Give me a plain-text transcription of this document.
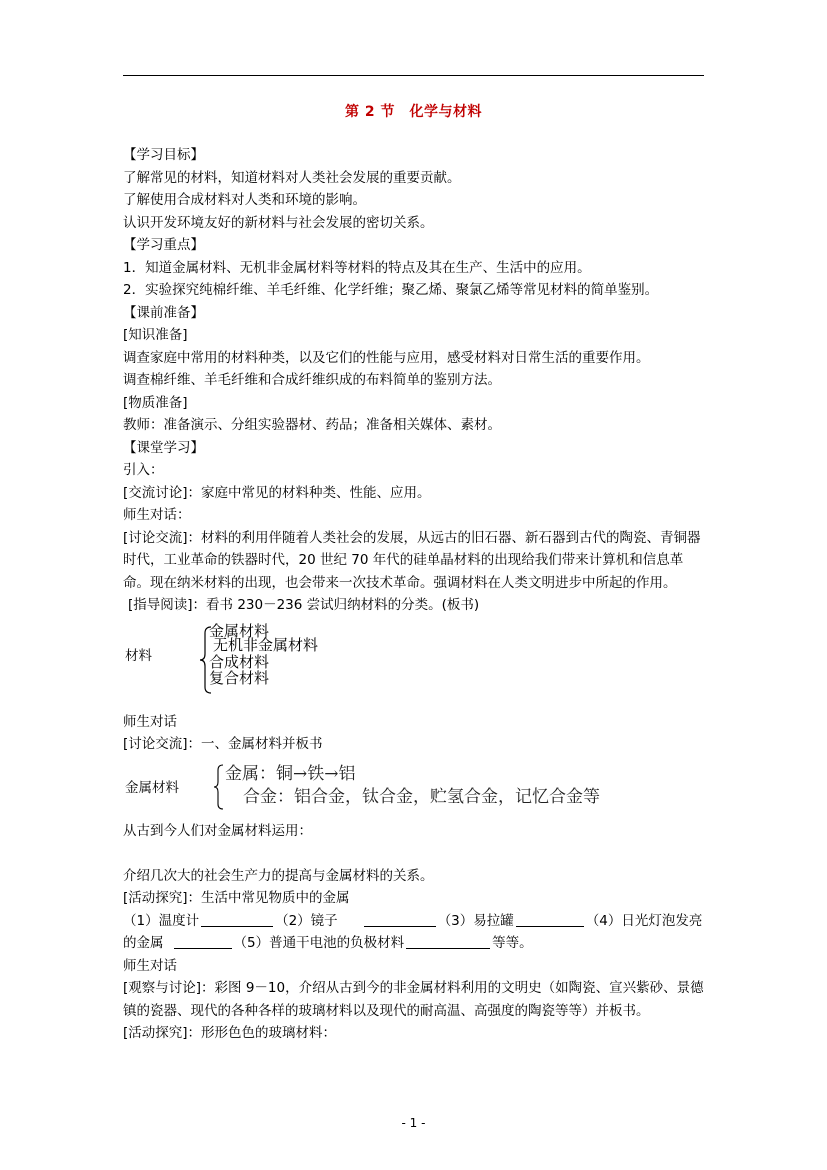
第 2 节　化学与材料
【学习目标】
了解常见的材料，知道材料对人类社会发展的重要贡献。
了解使用合成材料对人类和环境的影响。
认识开发环境友好的新材料与社会发展的密切关系。
【学习重点】
1．知道金属材料、无机非金属材料等材料的特点及其在生产、生活中的应用。
2．实验探究纯棉纤维、羊毛纤维、化学纤维；聚乙烯、聚氯乙烯等常见材料的简单鉴别。
【课前准备】
[知识准备]
调查家庭中常用的材料种类，以及它们的性能与应用，感受材料对日常生活的重要作用。
调查棉纤维、羊毛纤维和合成纤维织成的布料简单的鉴别方法。
[物质准备]
教师：准备演示、分组实验器材、药品；准备相关媒体、素材。
【课堂学习】
引入：
[交流讨论]：家庭中常见的材料种类、性能、应用。
师生对话：
[讨论交流]：材料的利用伴随着人类社会的发展，从远古的旧石器、新石器到古代的陶瓷、青铜器时代，工业革命的铁器时代，20 世纪 70 年代的硅单晶材料的出现给我们带来计算机和信息革命。现在纳米材料的出现，也会带来一次技术革命。强调材料在人类文明进步中所起的作用。
[指导阅读]：看书 230－236 尝试归纳材料的分类。(板书)
材料
金属材料
无机非金属材料
合成材料
复合材料
师生对话
[讨论交流]：一、金属材料并板书
金属材料
金属：铜→铁→铝
合金：铝合金，钛合金，贮氢合金，记忆合金等
从古到今人们对金属材料运用：
介绍几次大的社会生产力的提高与金属材料的关系。
[活动探究]：生活中常见物质中的金属
（1）温度计	（2）镜子	（3）易拉罐	（4）日光灯泡发亮
的金属	（5）普通干电池的负极材料	等等。
师生对话
[观察与讨论]：彩图 9－10，介绍从古到今的非金属材料利用的文明史（如陶瓷、宣兴紫砂、景德镇的瓷器、现代的各种各样的玻璃材料以及现代的耐高温、高强度的陶瓷等等）并板书。
[活动探究]：形形色色的玻璃材料：
- 1 -
